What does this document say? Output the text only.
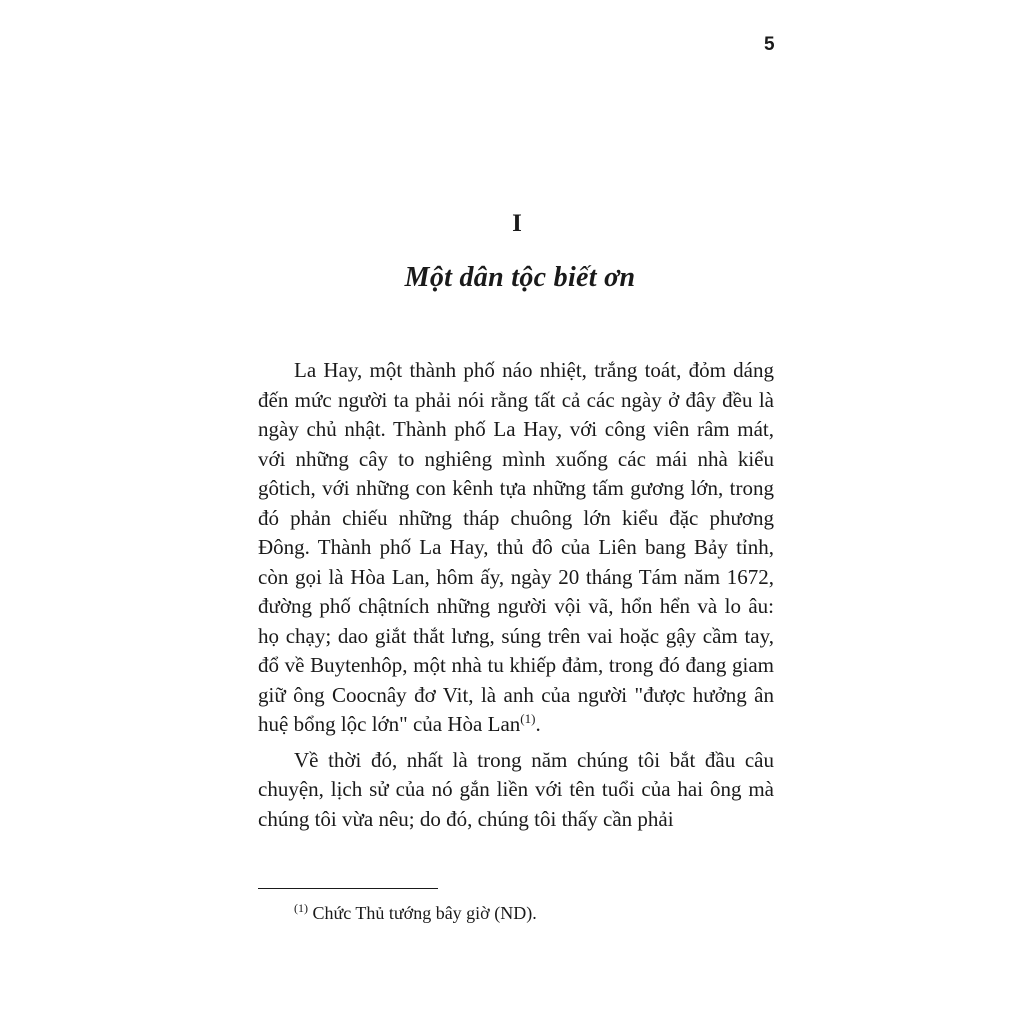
5
I
Một dân tộc biết ơn

La Hay, một thành phố náo nhiệt, trắng toát, đỏm dáng đến mức người ta phải nói rằng tất cả các ngày ở đây đều là ngày chủ nhật. Thành phố La Hay, với công viên râm mát, với những cây to nghiêng mình xuống các mái nhà kiểu gôtich, với những con kênh tựa những tấm gương lớn, trong đó phản chiếu những tháp chuông lớn kiểu đặc phương Đông. Thành phố La Hay, thủ đô của Liên bang Bảy tỉnh, còn gọi là Hòa Lan, hôm ấy, ngày 20 tháng Tám năm 1672, đường phố chậtních những người vội vã, hổn hển và lo âu: họ chạy; dao giắt thắt lưng, súng trên vai hoặc gậy cầm tay, đổ về Buytenhôp, một nhà tu khiếp đảm, trong đó đang giam giữ ông Coocnây đơ Vit, là anh của người "được hưởng ân huệ bổng lộc lớn" của Hòa Lan$^{(1)}$.

Về thời đó, nhất là trong năm chúng tôi bắt đầu câu chuyện, lịch sử của nó gắn liền với tên tuổi của hai ông mà chúng tôi vừa nêu; do đó, chúng tôi thấy cần phải

$^{(1)}$ Chức Thủ tướng bây giờ (ND).
